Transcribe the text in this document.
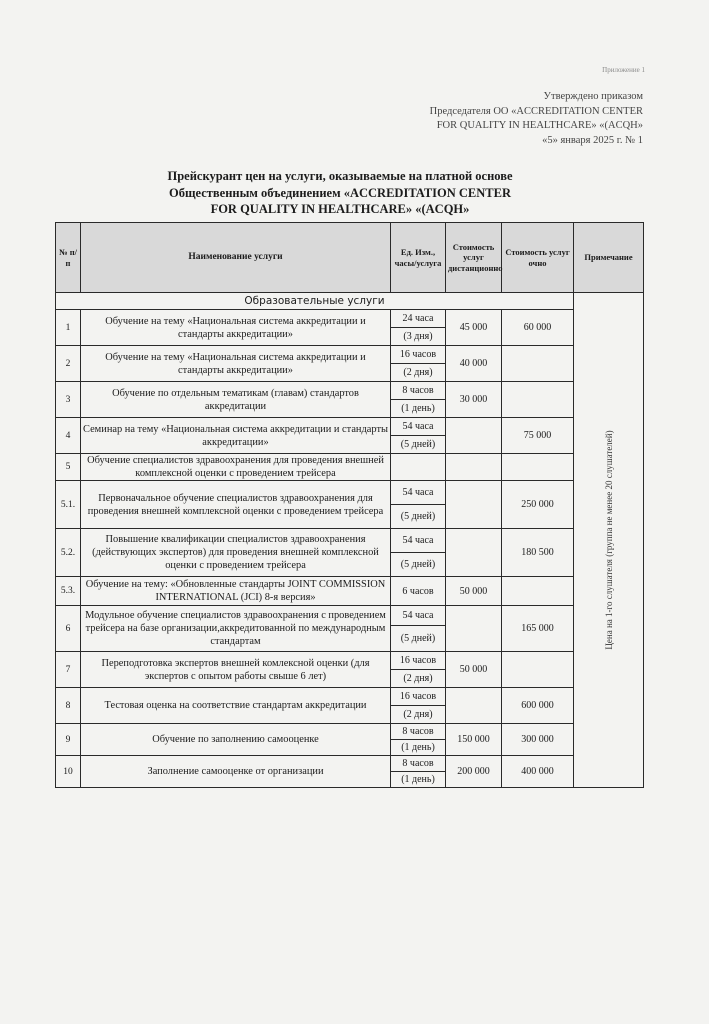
Приложение 1
Утверждено приказом
Председателя ОО «ACCREDITATION CENTER
FOR QUALITY IN HEALTHCARE» «(ACQH»
«5» января 2025 г. № 1
Прейскурант цен на услуги, оказываемые на платной основе
Общественным объединением «ACCREDITATION CENTER
FOR QUALITY IN HEALTHCARE» «(ACQH»
№ п/п	Наименование услуги	Ед. Изм., часы/услуга	Стоимость услуг дистанционно	Стоимость услуг очно	Примечание
Образовательные услуги					Цена на 1-го слушателя (группа не менее 20 слушателей)

1	Обучение на тему «Национальная система аккредитации и стандарты аккредитации»	24 часа	45 000	60 000	
		(3 дня)			
2	Обучение на тему «Национальная система аккредитации и стандарты аккредитации»	16 часов	40 000		
		(2 дня)			
3	Обучение по отдельным тематикам (главам) стандартов аккредитации	8 часов	30 000		
		(1 день)			
4	Семинар на тему «Национальная система аккредитации и стандарты аккредитации»	54 часа		75 000	
		(5 дней)			
5	Обучение специалистов здравоохранения для проведения внешней комплексной оценки с проведением трейсера				
5.1.	Первоначальное обучение специалистов здравоохранения для проведения внешней комплексной оценки с проведением трейсера	54 часа		250 000	
		(5 дней)			
5.2.	Повышение квалификации специалистов здравоохранения (действующих экспертов) для проведения внешней комплексной оценки с проведением трейсера	54 часа		180 500	
		(5 дней)			
5.3.	Обучение на тему: «Обновленные стандарты JOINT COMMISSION INTERNATIONAL (JCI) 8-я версия»	6 часов	50 000		
6	Модульное обучение специалистов здравоохранения с проведением трейсера на базе организации,аккредитованной по международным стандартам	54 часа		165 000	
		(5 дней)			
7	Переподготовка экспертов внешней комлексной оценки (для экспертов с опытом работы свыше 6 лет)	16 часов	50 000		
		(2 дня)			
8	Тестовая оценка на соответствие стандартам аккредитации	16 часов		600 000	
		(2 дня)			
9	Обучение по заполнению самооценке	8 часов	150 000	300 000	
		(1 день)			
10	Заполнение самооценке от организации	8 часов	200 000	400 000	
		(1 день)			
